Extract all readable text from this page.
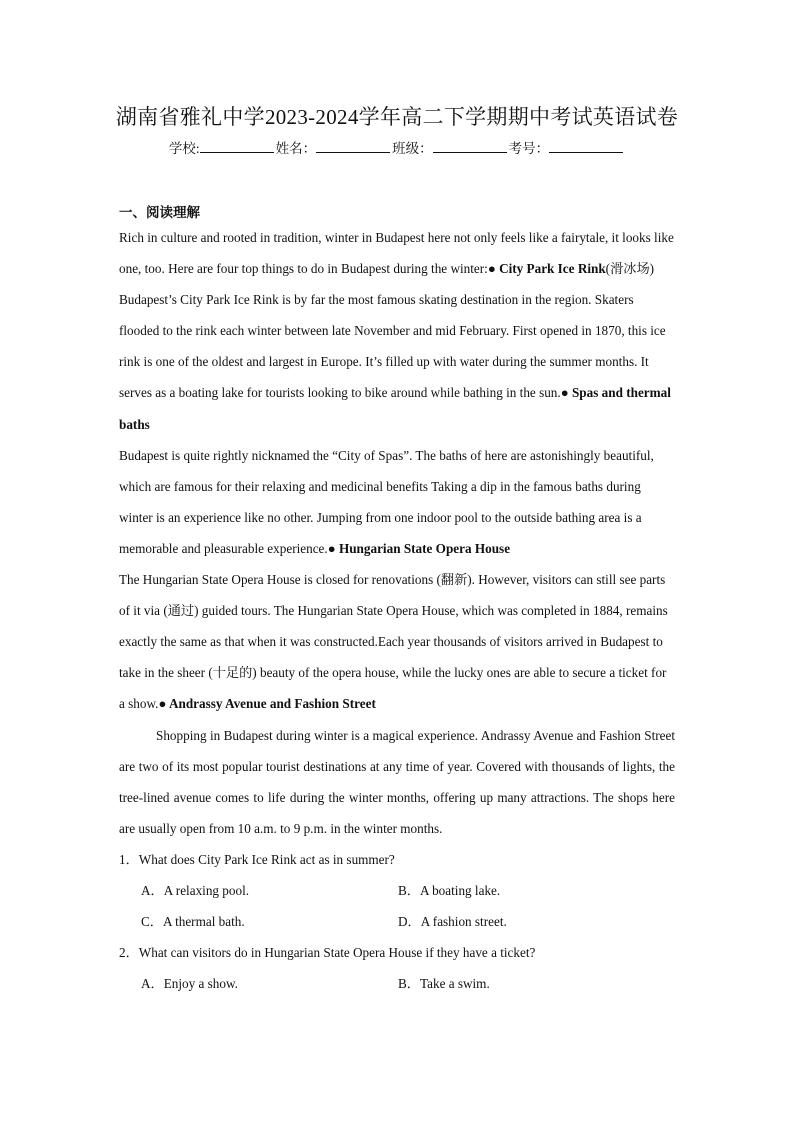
湖南省雅礼中学2023-2024学年高二下学期期中考试英语试卷
学校:	姓名：	班级：	考号：
一、阅读理解

Rich in culture and rooted in tradition, winter in Budapest here not only feels like a fairytale, it looks like one, too. Here are four top things to do in Budapest during the winter:● City Park Ice Rink(滑冰场)

Budapest’s City Park Ice Rink is by far the most famous skating destination in the region. Skaters flooded to the rink each winter between late November and mid February. First opened in 1870, this ice rink is one of the oldest and largest in Europe. It’s filled up with water during the summer months. It serves as a boating lake for tourists looking to bike around while bathing in the sun.● Spas and thermal baths

Budapest is quite rightly nicknamed the “City of Spas”. The baths of here are astonishingly beautiful, which are famous for their relaxing and medicinal benefits Taking a dip in the famous baths during winter is an experience like no other. Jumping from one indoor pool to the outside bathing area is a memorable and pleasurable experience.● Hungarian State Opera House

The Hungarian State Opera House is closed for renovations (翻新). However, visitors can still see parts of it via (通过) guided tours. The Hungarian State Opera House, which was completed in 1884, remains exactly the same as that when it was constructed.Each year thousands of visitors arrived in Budapest to take in the sheer (十足的) beauty of the opera house, while the lucky ones are able to secure a ticket for a show.● Andrassy Avenue and Fashion Street

Shopping in Budapest during winter is a magical experience. Andrassy Avenue and Fashion Street are two of its most popular tourist destinations at any time of year. Covered with thousands of lights, the tree-lined avenue comes to life during the winter months, offering up many attractions. The shops here are usually open from 10 a.m. to 9 p.m. in the winter months.

1．What does City Park Ice Rink act as in summer?

A．A relaxing pool.	B．A boating lake.
C．A thermal bath.	D．A fashion street.

2．What can visitors do in Hungarian State Opera House if they have a ticket?

A．Enjoy a show.	B．Take a swim.
